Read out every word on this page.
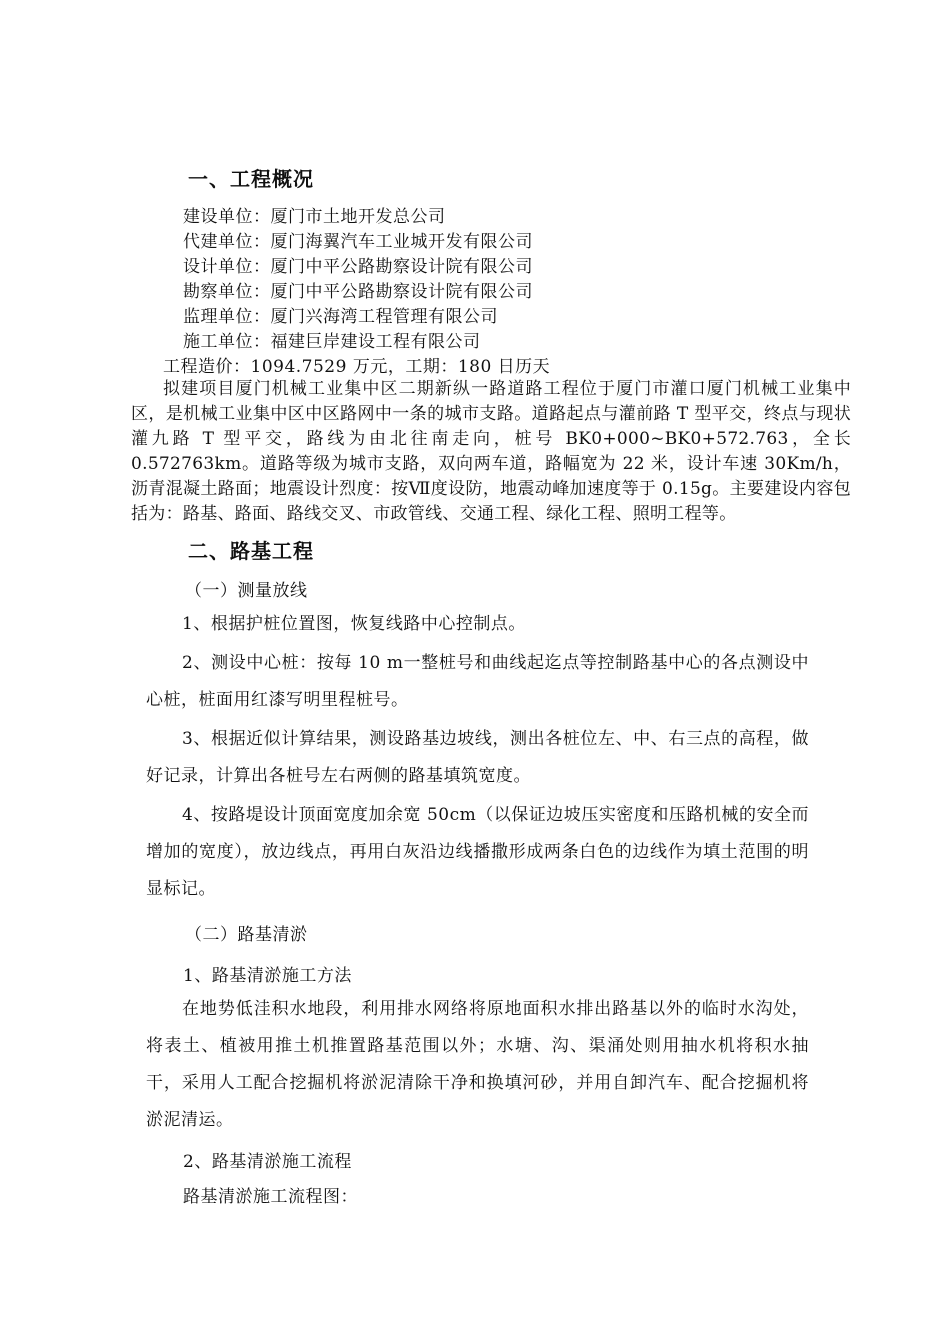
一、工程概况
建设单位：厦门市土地开发总公司
代建单位：厦门海翼汽车工业城开发有限公司
设计单位：厦门中平公路勘察设计院有限公司
勘察单位：厦门中平公路勘察设计院有限公司
监理单位：厦门兴海湾工程管理有限公司
施工单位：福建巨岸建设工程有限公司
工程造价：1094.7529 万元，工期：180 日历天
拟建项目厦门机械工业集中区二期新纵一路道路工程位于厦门市灌口厦门机械工业集中区，是机械工业集中区中区路网中一条的城市支路。道路起点与灌前路 T 型平交，终点与现状灌九路 T 型平交，路线为由北往南走向，桩号 BK0+000~BK0+572.763，全长 0.572763km。道路等级为城市支路，双向两车道，路幅宽为 22 米，设计车速 30Km/h，沥青混凝土路面；地震设计烈度：按Ⅶ度设防，地震动峰加速度等于 0.15g。主要建设内容包括为：路基、路面、路线交叉、市政管线、交通工程、绿化工程、照明工程等。
二、路基工程
（一）测量放线
1、根据护桩位置图，恢复线路中心控制点。
2、测设中心桩：按每 10 m一整桩号和曲线起迄点等控制路基中心的各点测设中心桩，桩面用红漆写明里程桩号。
3、根据近似计算结果，测设路基边坡线，测出各桩位左、中、右三点的高程，做好记录，计算出各桩号左右两侧的路基填筑宽度。
4、按路堤设计顶面宽度加余宽 50cm（以保证边坡压实密度和压路机械的安全而增加的宽度），放边线点，再用白灰沿边线播撒形成两条白色的边线作为填土范围的明显标记。
（二）路基清淤
1、路基清淤施工方法
在地势低洼积水地段，利用排水网络将原地面积水排出路基以外的临时水沟处，将表土、植被用推土机推置路基范围以外；水塘、沟、渠涌处则用抽水机将积水抽干，采用人工配合挖掘机将淤泥清除干净和换填河砂，并用自卸汽车、配合挖掘机将淤泥清运。
2、路基清淤施工流程
路基清淤施工流程图：
